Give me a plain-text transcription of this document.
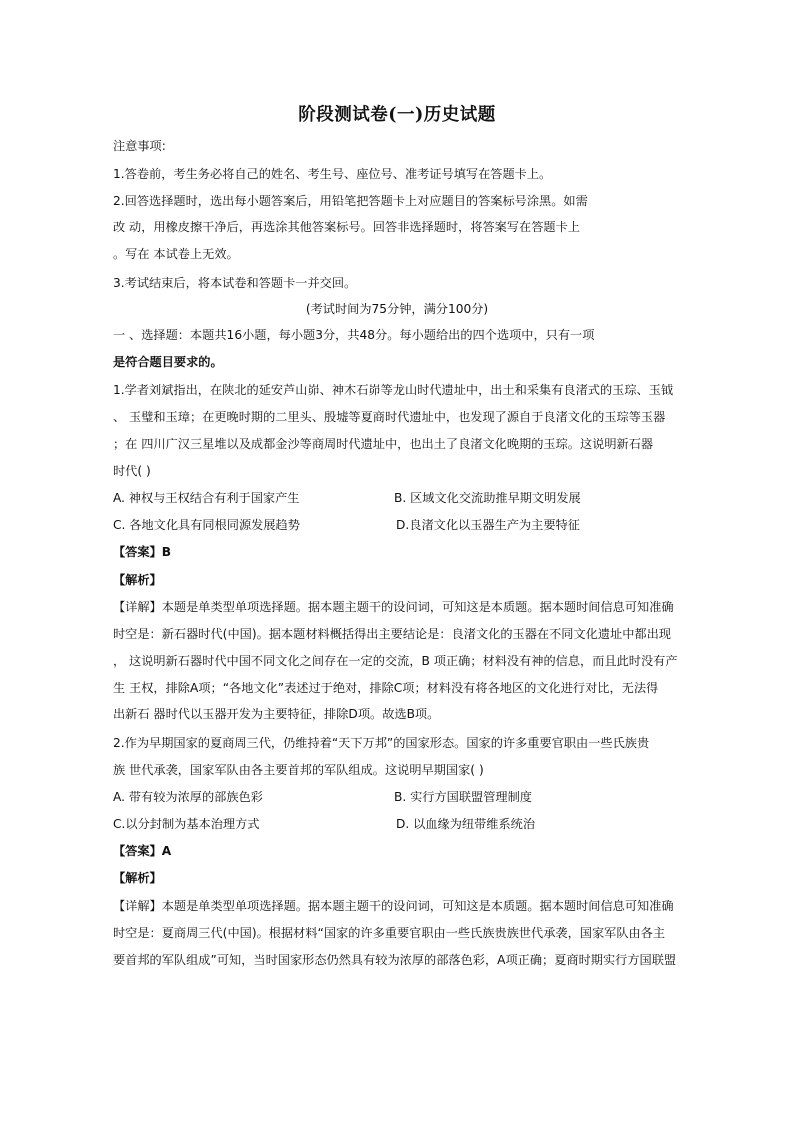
阶段测试卷(一)历史试题
注意事项:
1.答卷前，考生务必将自己的姓名、考生号、座位号、准考证号填写在答题卡上。
2.回答选择题时，选出每小题答案后，用铅笔把答题卡上对应题目的答案标号涂黑。如需
改 动，用橡皮擦干净后，再选涂其他答案标号。回答非选择题时，将答案写在答题卡上
。写在 本试卷上无效。
3.考试结束后，将本试卷和答题卡一并交回。
(考试时间为75分钟，满分100分)
一 、选择题：本题共16小题，每小题3分，共48分。每小题给出的四个选项中，只有一项
是符合题目要求的。
1.学者刘斌指出，在陕北的延安芦山峁、神木石峁等龙山时代遗址中，出土和采集有良渚式的玉琮、玉钺
、 玉璧和玉璋；在更晚时期的二里头、殷墟等夏商时代遗址中，也发现了源自于良渚文化的玉琮等玉器
；在 四川广汉三星堆以及成都金沙等商周时代遗址中，也出土了良渚文化晚期的玉琮。这说明新石器
时代( )
A. 神权与王权结合有利于国家产生	B. 区域文化交流助推早期文明发展
C. 各地文化具有同根同源发展趋势	D.良渚文化以玉器生产为主要特征
【答案】B
【解析】
【详解】本题是单类型单项选择题。据本题主题干的设问词，可知这是本质题。据本题时间信息可知准确
时空是：新石器时代(中国)。据本题材料概括得出主要结论是：良渚文化的玉器在不同文化遗址中都出现
， 这说明新石器时代中国不同文化之间存在一定的交流，B 项正确；材料没有神的信息，而且此时没有产
生 王权，排除A项；“各地文化”表述过于绝对，排除C项；材料没有将各地区的文化进行对比，无法得
出新石 器时代以玉器开发为主要特征，排除D项。故选B项。
2.作为早期国家的夏商周三代，仍维持着“天下万邦”的国家形态。国家的许多重要官职由一些氏族贵
族 世代承袭，国家军队由各主要首邦的军队组成。这说明早期国家( )
A. 带有较为浓厚的部族色彩	B. 实行方国联盟管理制度
C.以分封制为基本治理方式	D. 以血缘为纽带维系统治
【答案】A
【解析】
【详解】本题是单类型单项选择题。据本题主题干的设问词，可知这是本质题。据本题时间信息可知准确
时空是：夏商周三代(中国)。根据材料“国家的许多重要官职由一些氏族贵族世代承袭，国家军队由各主
要首邦的军队组成”可知，当时国家形态仍然具有较为浓厚的部落色彩，A项正确；夏商时期实行方国联盟
